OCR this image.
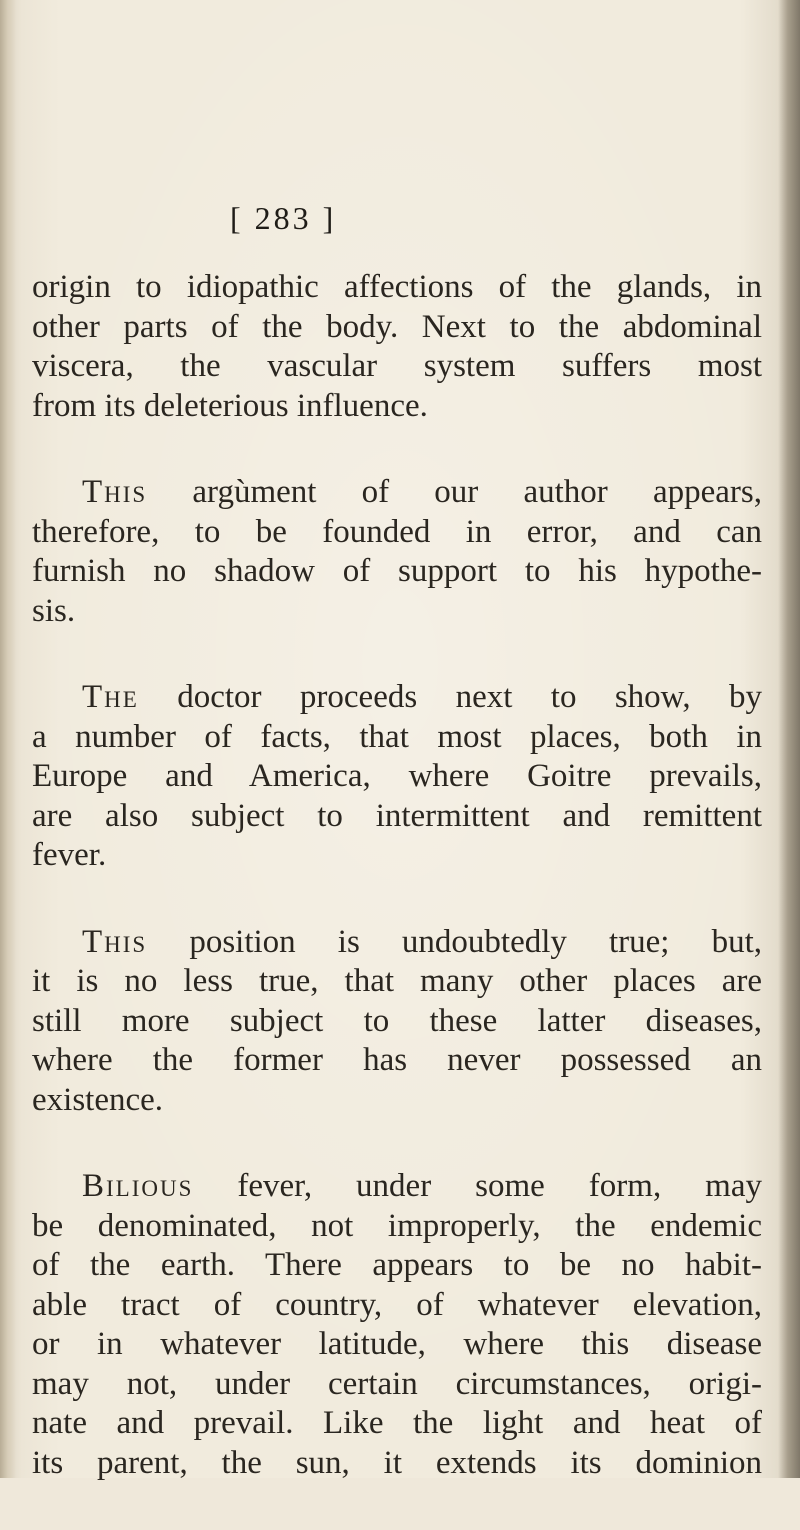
[ 283 ]

origin to idiopathic affections of the glands, in
other parts of the body. Next to the abdominal
viscera, the vascular system suffers most
from its deleterious influence.

This argùment of our author appears,
therefore, to be founded in error, and can
furnish no shadow of support to his hypothe-
sis.

The doctor proceeds next to show, by
a number of facts, that most places, both in
Europe and America, where Goitre prevails,
are also subject to intermittent and remittent
fever.

This position is undoubtedly true; but,
it is no less true, that many other places are
still more subject to these latter diseases,
where the former has never possessed an
existence.

Bilious fever, under some form, may
be denominated, not improperly, the endemic
of the earth. There appears to be no habit-
able tract of country, of whatever elevation,
or in whatever latitude, where this disease
may not, under certain circumstances, origi-
nate and prevail. Like the light and heat of
its parent, the sun, it extends its dominion
